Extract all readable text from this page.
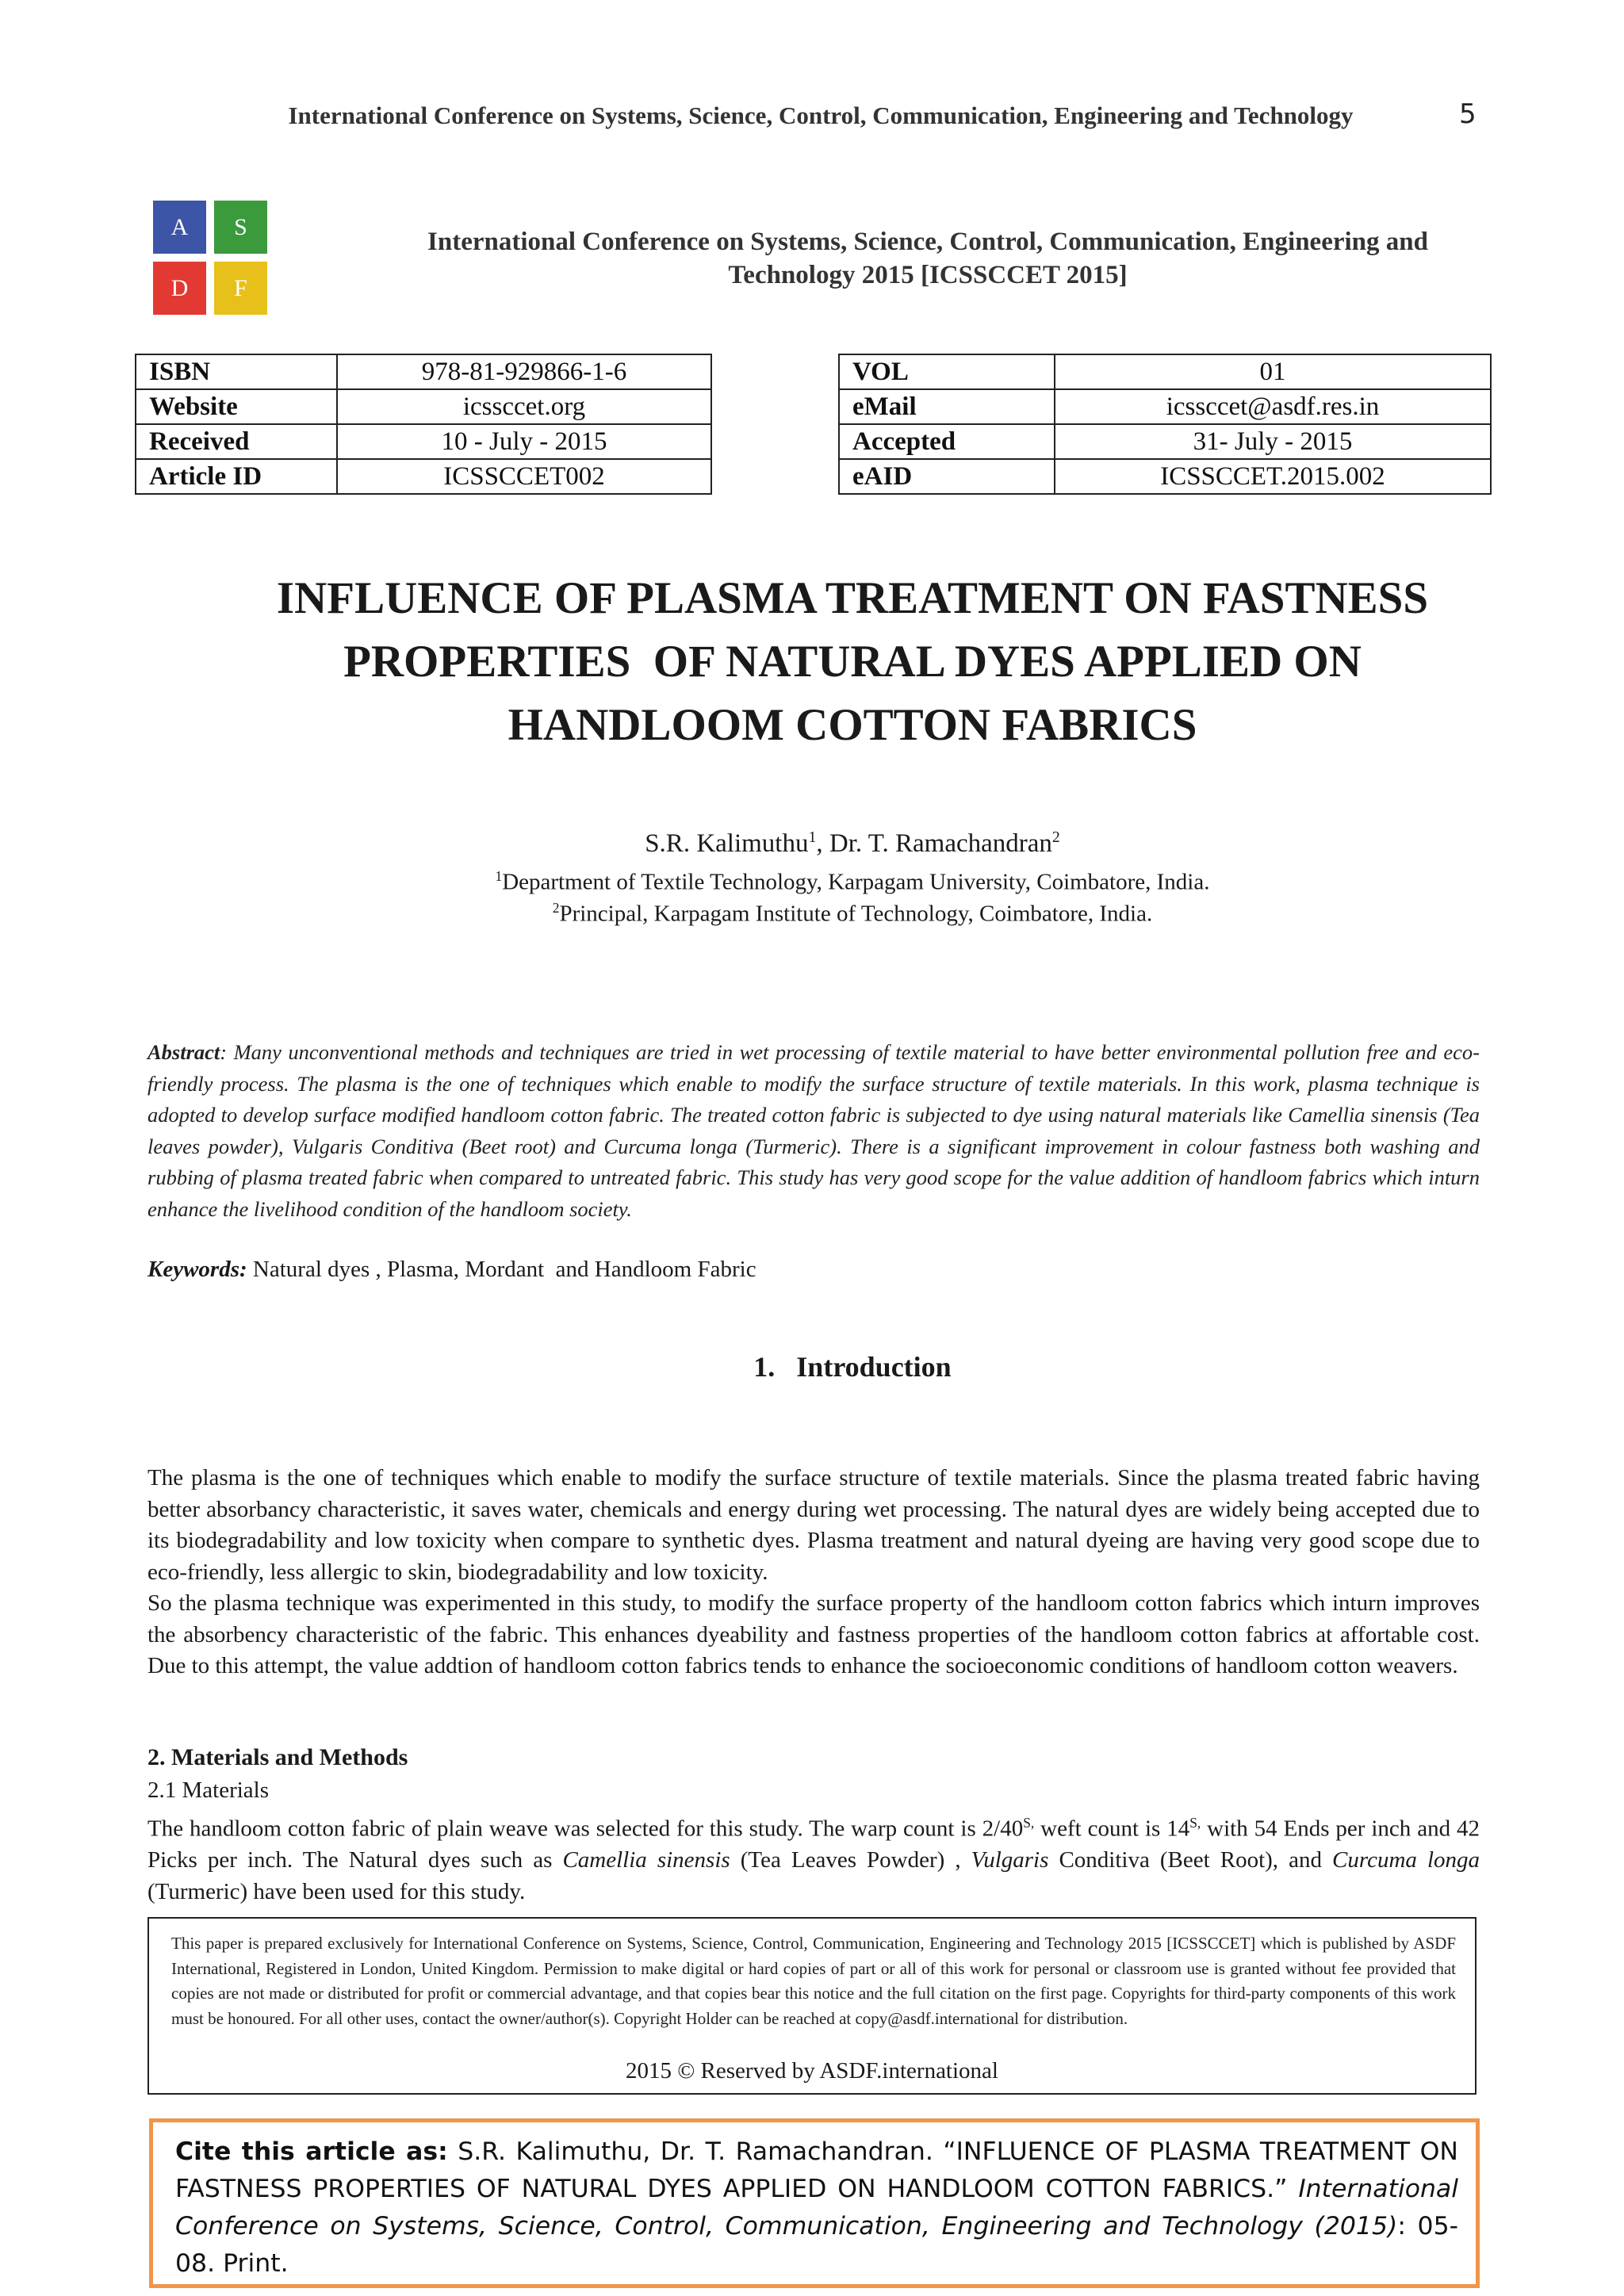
International Conference on Systems, Science, Control, Communication, Engineering and Technology	5
A	S
D	F
International Conference on Systems, Science, Control, Communication, Engineering and
Technology 2015 [ICSSCCET 2015]
ISBN	978-81-929866-1-6
Website	icssccet.org
Received	10 - July - 2015
Article ID	ICSSCCET002
VOL	01
eMail	icssccet@asdf.res.in
Accepted	31- July - 2015
eAID	ICSSCCET.2015.002
INFLUENCE OF PLASMA TREATMENT ON FASTNESS
PROPERTIES  OF NATURAL DYES APPLIED ON
HANDLOOM COTTON FABRICS
S.R. Kalimuthu$^1$, Dr. T. Ramachandran$^2$
$^1$Department of Textile Technology, Karpagam University, Coimbatore, India.
$^2$Principal, Karpagam Institute of Technology, Coimbatore, India.
Abstract: Many unconventional methods and techniques are tried in wet processing of textile material to have better environmental pollution free and eco-friendly process. The plasma is the one of techniques which enable to modify the surface structure of textile materials. In this work, plasma technique is adopted to develop surface modified handloom cotton fabric. The treated cotton fabric is subjected to dye using natural materials like Camellia sinensis (Tea leaves powder), Vulgaris Conditiva (Beet root) and Curcuma longa (Turmeric). There is a significant improvement in colour fastness both washing and rubbing of plasma treated fabric when compared to untreated fabric. This study has very good scope for the value addition of handloom fabrics which inturn enhance the livelihood condition of the handloom society.
Keywords: Natural dyes , Plasma, Mordant  and Handloom Fabric
1.   Introduction
The plasma is the one of techniques which enable to modify the surface structure of textile materials. Since the plasma treated fabric having better absorbancy characteristic, it saves water, chemicals and energy during wet processing. The natural dyes are widely being accepted due to its biodegradability and low toxicity when compare to synthetic dyes. Plasma treatment and natural dyeing are having very good scope due to eco-friendly, less allergic to skin, biodegradability and low toxicity.
So the plasma technique was experimented in this study, to modify the surface property of the handloom cotton fabrics which inturn improves the absorbency characteristic of the fabric. This enhances dyeability and fastness properties of the handloom cotton fabrics at affortable cost. Due to this attempt, the value addtion of handloom cotton fabrics tends to enhance the socioeconomic conditions of handloom cotton weavers.
2. Materials and Methods
2.1 Materials
The handloom cotton fabric of plain weave was selected for this study. The warp count is $2/40^{S,}$ weft count is $14^{S,}$ with 54 Ends per inch and 42 Picks per inch. The Natural dyes such as Camellia sinensis (Tea Leaves Powder) , Vulgaris Conditiva (Beet Root), and Curcuma longa (Turmeric) have been used for this study.
This paper is prepared exclusively for International Conference on Systems, Science, Control, Communication, Engineering and Technology 2015 [ICSSCCET] which is published by ASDF International, Registered in London, United Kingdom. Permission to make digital or hard copies of part or all of this work for personal or classroom use is granted without fee provided that copies are not made or distributed for profit or commercial advantage, and that copies bear this notice and the full citation on the first page. Copyrights for third-party components of this work must be honoured. For all other uses, contact the owner/author(s). Copyright Holder can be reached at copy@asdf.international for distribution.
2015 © Reserved by ASDF.international
Cite this article as: S.R. Kalimuthu, Dr. T. Ramachandran. “INFLUENCE OF PLASMA TREATMENT ON FASTNESS PROPERTIES OF NATURAL DYES APPLIED ON HANDLOOM COTTON FABRICS.” International Conference on Systems, Science, Control, Communication, Engineering and Technology (2015): 05-08. Print.
